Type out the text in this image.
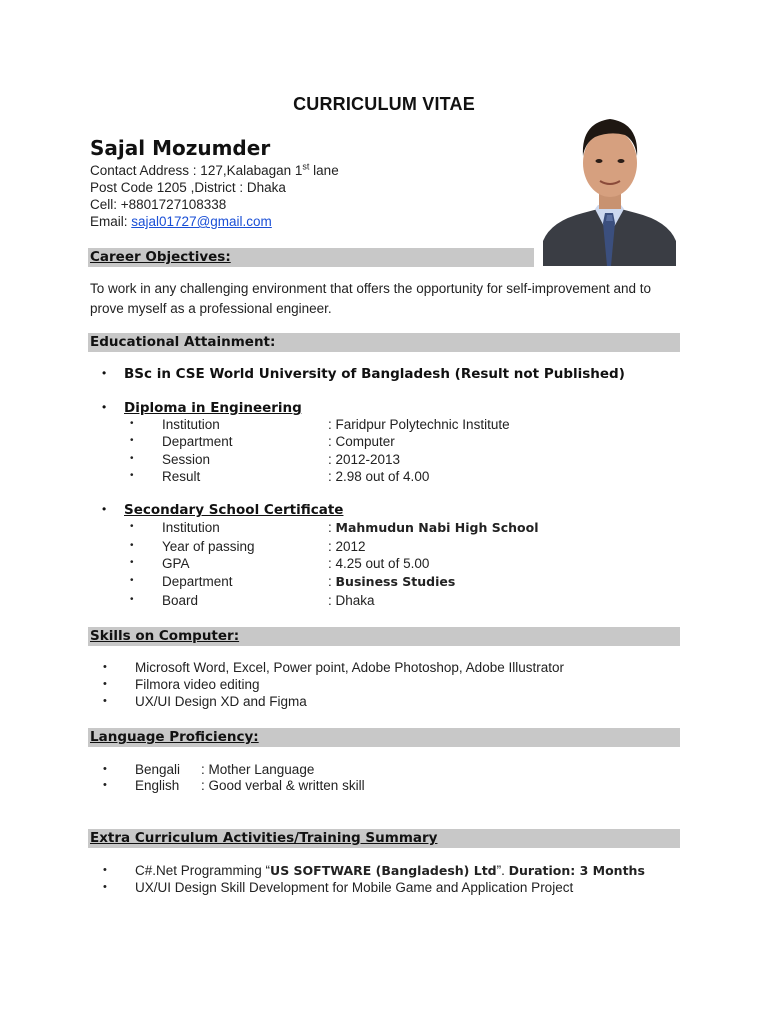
CURRICULUM VITAE
Sajal Mozumder
Contact Address : 127,Kalabagan 1st lane
Post Code 1205 ,District : Dhaka
Cell: +8801727108338
Email: sajal01727@gmail.com
Career Objectives:
To work in any challenging environment that offers the opportunity for self-improvement and to
prove myself as a professional engineer.
Educational Attainment:
• BSc in CSE World University of Bangladesh (Result not Published)
• Diploma in Engineering
• Institution	: Faridpur Polytechnic Institute
• Department	: Computer
• Session	: 2012-2013
• Result	: 2.98 out of 4.00
• Secondary School Certificate
• Institution	: Mahmudun Nabi High School
• Year of passing	: 2012
• GPA	: 4.25 out of 5.00
• Department	: Business Studies
• Board	: Dhaka
Skills on Computer:
• Microsoft Word, Excel, Power point, Adobe Photoshop, Adobe Illustrator
• Filmora video editing
• UX/UI Design XD and Figma
Language Proficiency:
• Bengali : Mother Language
• English : Good verbal & written skill
Extra Curriculum Activities/Training Summary
• C#.Net Programming “US SOFTWARE (Bangladesh) Ltd”. Duration: 3 Months
• UX/UI Design Skill Development for Mobile Game and Application Project
